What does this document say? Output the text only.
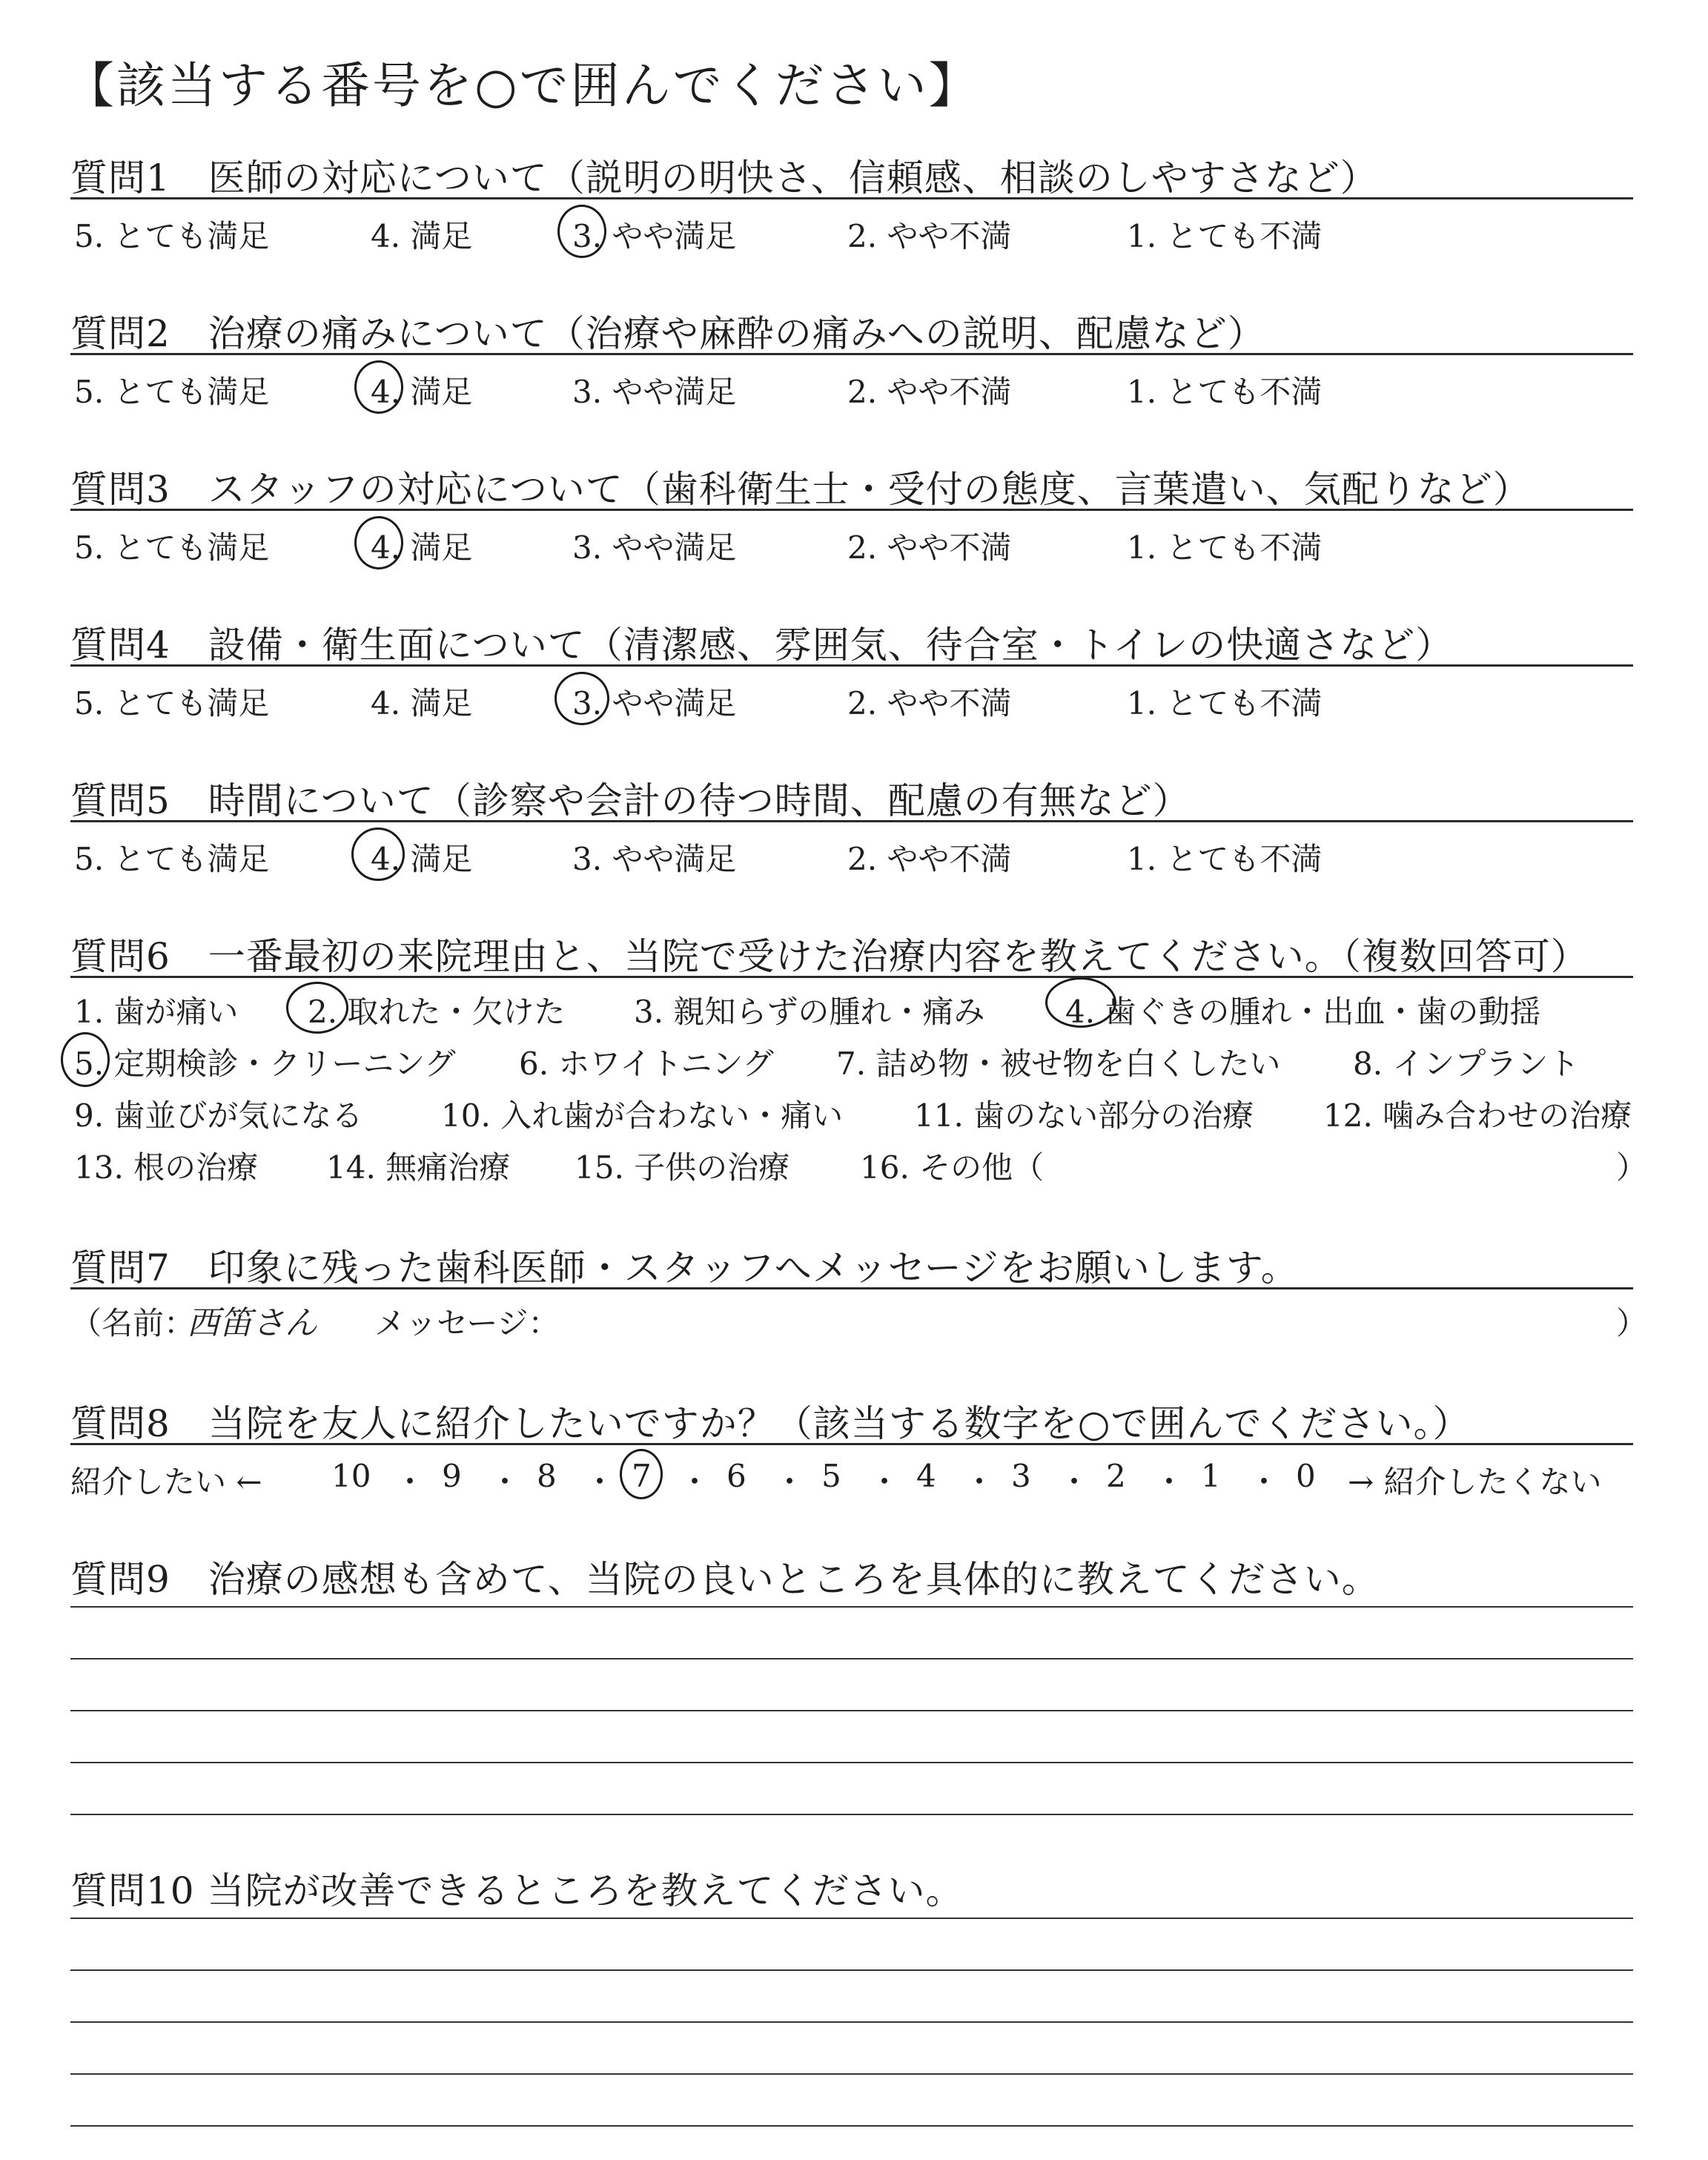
【該当する番号を○で囲んでください】
質問1　医師の対応について（説明の明快さ、信頼感、相談のしやすさなど）
5. とても満足	4. 満足	3. やや満足	2. やや不満	1. とても不満
質問2　治療の痛みについて（治療や麻酔の痛みへの説明、配慮など）
5. とても満足	4. 満足	3. やや満足	2. やや不満	1. とても不満
質問3　スタッフの対応について（歯科衛生士・受付の態度、言葉遣い、気配りなど）
5. とても満足	4. 満足	3. やや満足	2. やや不満	1. とても不満
質問4　設備・衛生面について（清潔感、雰囲気、待合室・トイレの快適さなど）
5. とても満足	4. 満足	3. やや満足	2. やや不満	1. とても不満
質問5　時間について（診察や会計の待つ時間、配慮の有無など）
5. とても満足	4. 満足	3. やや満足	2. やや不満	1. とても不満
質問6　一番最初の来院理由と、当院で受けた治療内容を教えてください。（複数回答可）
1. 歯が痛い 2. 取れた・欠けた 3. 親知らずの腫れ・痛み	4. 歯ぐきの腫れ・出血・歯の動揺
5. 定期検診・クリーニング 6. ホワイトニング 7. 詰め物・被せ物を白くしたい 8. インプラント
9. 歯並びが気になる	10. 入れ歯が合わない・痛い 11. 歯のない部分の治療 12. 噛み合わせの治療
13. 根の治療 14. 無痛治療 15. 子供の治療 16. その他（	）
質問7　印象に残った歯科医師・スタッフへメッセージをお願いします。
（名前：
西笛さん メッセージ：	）
質問8　当院を友人に紹介したいですか？（該当する数字を○で囲んでください。）
紹介したい ← 10 ・ 9 ・ 8 ・ 7 ・ 6 ・ 5 ・ 4 ・ 3 ・ 2 ・ 1 ・ 0 → 紹介したくない
質問9　治療の感想も含めて、当院の良いところを具体的に教えてください。
質問10 当院が改善できるところを教えてください。
